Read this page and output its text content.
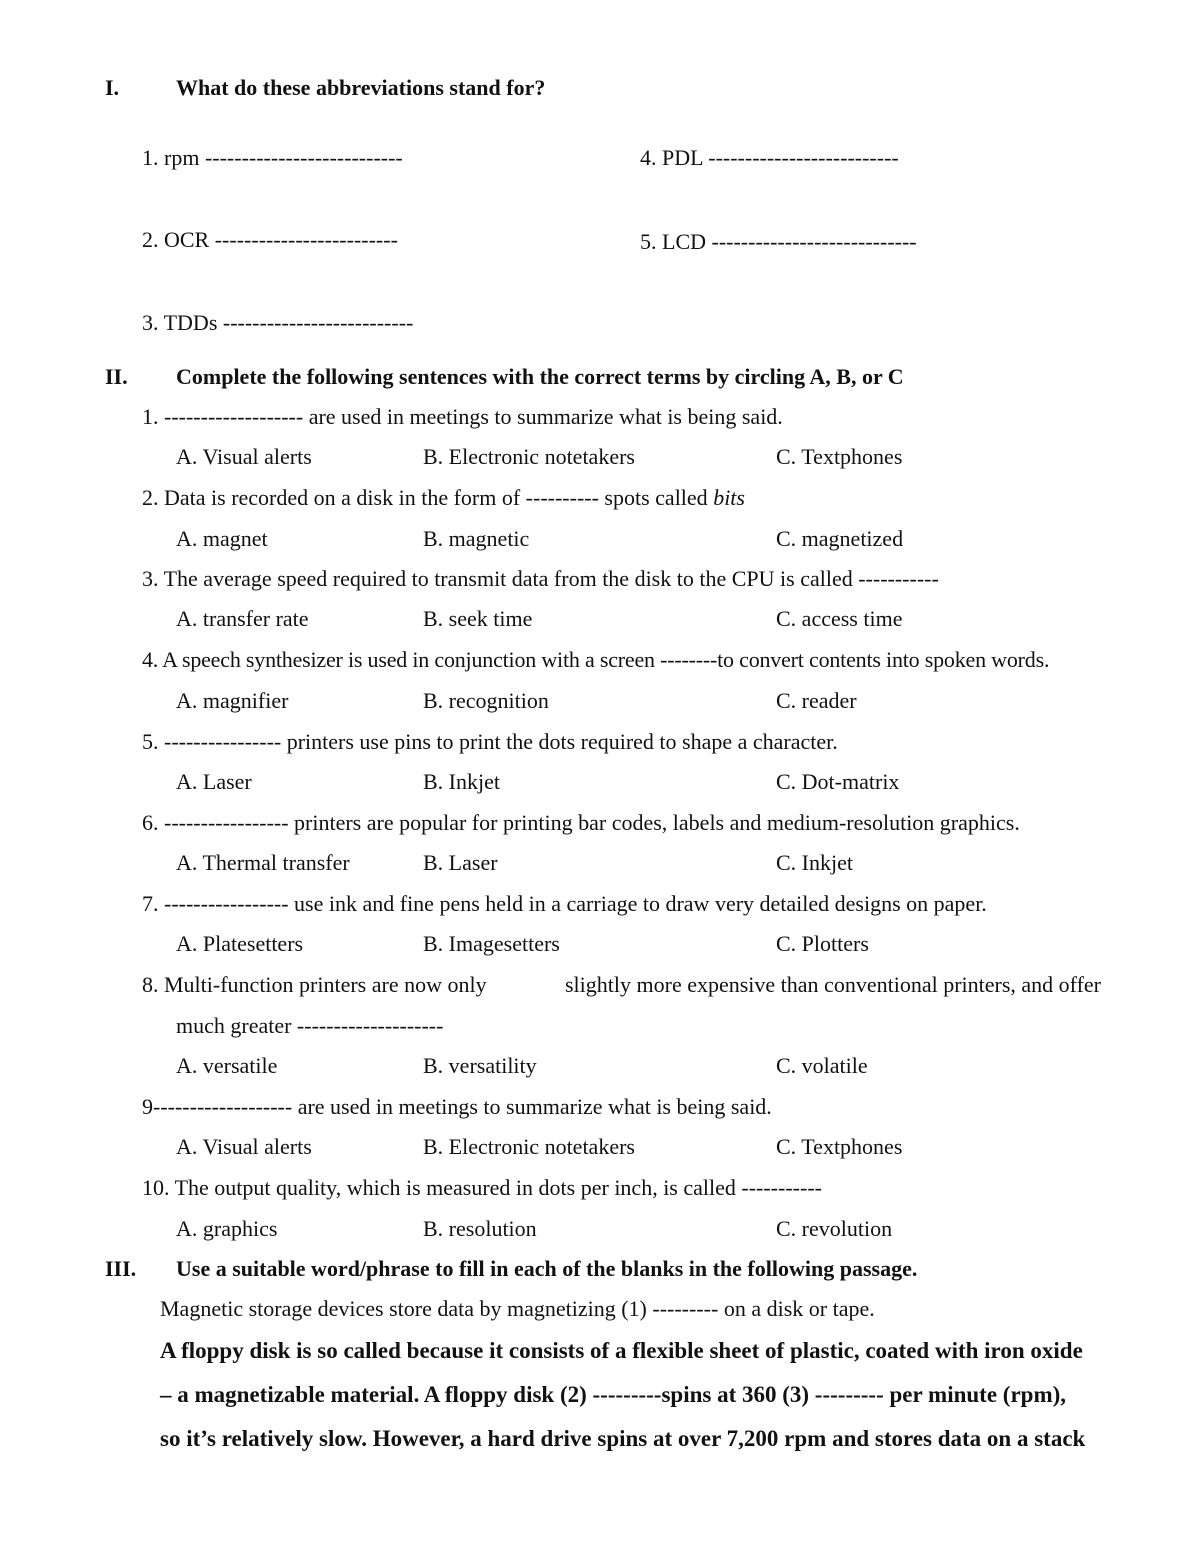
I.	What do these abbreviations stand for?
1. rpm ---------------------------	4. PDL --------------------------
2. OCR -------------------------	5. LCD ----------------------------
3. TDDs --------------------------
II. Complete the following sentences with the correct terms by circling A, B, or C
1. ------------------- are used in meetings to summarize what is being said.
A. Visual alerts	B. Electronic notetakers	C. Textphones
2. Data is recorded on a disk in the form of ---------- spots called bits
A. magnet	B. magnetic	C. magnetized
3. The average speed required to transmit data from the disk to the CPU is called -----------
A. transfer rate	B. seek time	C. access time
4. A speech synthesizer is used in conjunction with a screen --------to convert contents into spoken words.
A. magnifier	B. recognition	C. reader
5. ---------------- printers use pins to print the dots required to shape a character.
A. Laser	B. Inkjet	C. Dot-matrix
6. ----------------- printers are popular for printing bar codes, labels and medium-resolution graphics.
A. Thermal transfer	B. Laser	C. Inkjet
7. ----------------- use ink and fine pens held in a carriage to draw very detailed designs on paper.
A. Platesetters	B. Imagesetters	C. Plotters
8. Multi-function printers are now only	slightly more expensive than conventional printers, and offer
much greater --------------------
A. versatile	B. versatility	C. volatile
9------------------- are used in meetings to summarize what is being said.
A. Visual alerts	B. Electronic notetakers	C. Textphones
10. The output quality, which is measured in dots per inch, is called -----------
A. graphics	B. resolution	C. revolution
III. Use a suitable word/phrase to fill in each of the blanks in the following passage.
Magnetic storage devices store data by magnetizing (1) --------- on a disk or tape.
A floppy disk is so called because it consists of a flexible sheet of plastic, coated with iron oxide
– a magnetizable material. A floppy disk (2) ---------spins at 360 (3) --------- per minute (rpm),
so it’s relatively slow. However, a hard drive spins at over 7,200 rpm and stores data on a stack
